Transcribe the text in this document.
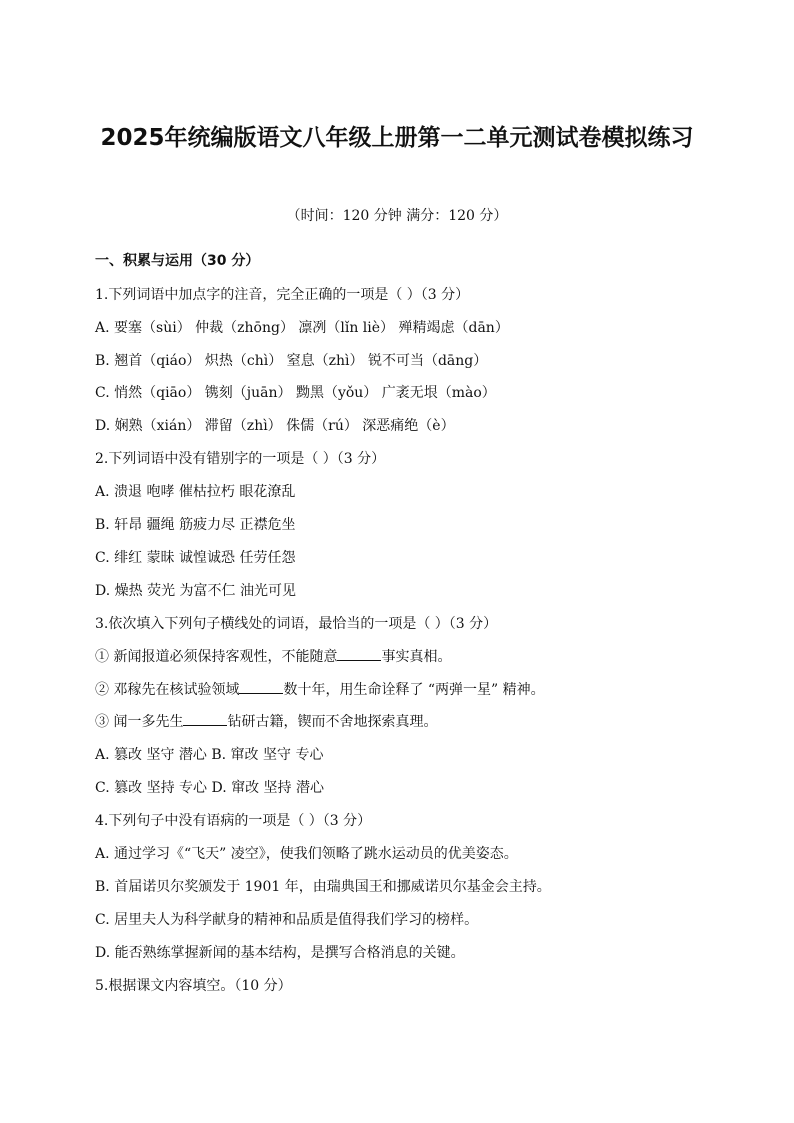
2025年统编版语文八年级上册第一二单元测试卷模拟练习
（时间：120 分钟 满分：120 分）
一、积累与运用（30 分）
1.下列词语中加点字的注音，完全正确的一项是（ ）（3 分）
A. 要塞（sùi） 仲裁（zhōng） 凛冽（lǐn liè） 殚精竭虑（dān）
B. 翘首（qiáo） 炽热（chì） 窒息（zhì） 锐不可当（dāng）
C. 悄然（qiāo） 镌刻（juān） 黝黑（yǒu） 广袤无垠（mào）
D. 娴熟（xián） 滞留（zhì） 侏儒（rú） 深恶痛绝（è）
2.下列词语中没有错别字的一项是（ ）（3 分）
A. 溃退 咆哮 催枯拉朽 眼花潦乱
B. 轩昂 疆绳 筋疲力尽 正襟危坐
C. 绯红 蒙昧 诚惶诚恐 任劳任怨
D. 燥热 荧光 为富不仁 油光可见
3.依次填入下列句子横线处的词语，最恰当的一项是（ ）（3 分）
① 新闻报道必须保持客观性，不能随意	事实真相。
② 邓稼先在核试验领域	数十年，用生命诠释了 “两弹一星” 精神。
③ 闻一多先生	钻研古籍，锲而不舍地探索真理。
A. 篡改 坚守 潜心 B. 窜改 坚守 专心
C. 篡改 坚持 专心 D. 窜改 坚持 潜心
4.下列句子中没有语病的一项是（ ）（3 分）
A. 通过学习《“飞天” 凌空》，使我们领略了跳水运动员的优美姿态。
B. 首届诺贝尔奖颁发于 1901 年，由瑞典国王和挪威诺贝尔基金会主持。
C. 居里夫人为科学献身的精神和品质是值得我们学习的榜样。
D. 能否熟练掌握新闻的基本结构，是撰写合格消息的关键。
5.根据课文内容填空。（10 分）
